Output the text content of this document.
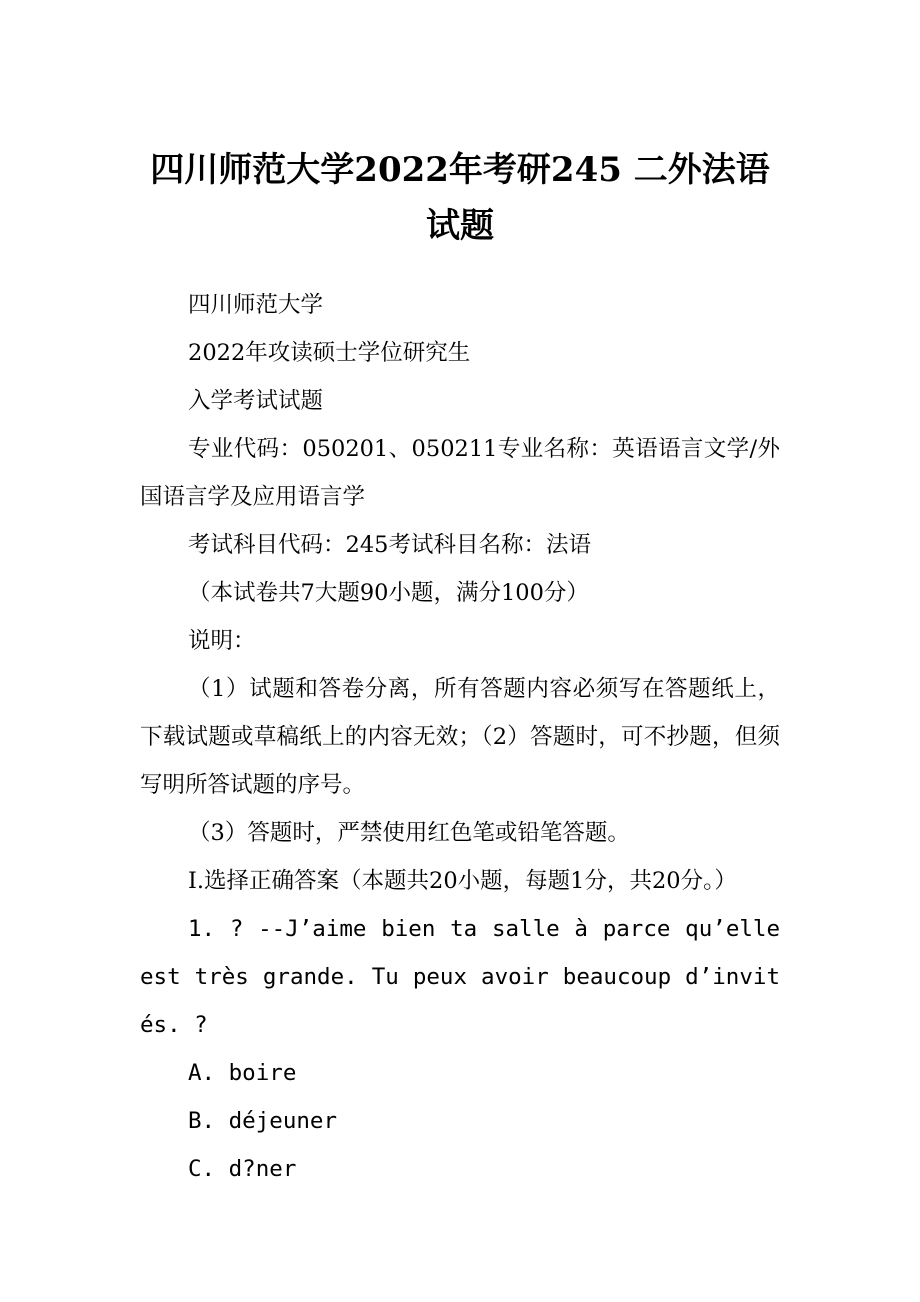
四川师范大学2022年考研245 二外法语试题

四川师范大学

2022年攻读硕士学位研究生

入学考试试题

专业代码：050201、050211专业名称：英语语言文学/外国语言学及应用语言学

考试科目代码：245考试科目名称：法语

（本试卷共7大题90小题，满分100分）

说明：

（1）试题和答卷分离，所有答题内容必须写在答题纸上，下载试题或草稿纸上的内容无效；（2）答题时，可不抄题，但须写明所答试题的序号。

（3）答题时，严禁使用红色笔或铅笔答题。

Ⅰ.选择正确答案（本题共20小题，每题1分，共20分。）

1. ? --J’aime bien ta salle à parce qu’elle est très grande. Tu peux avoir beaucoup d’invités. ?

A. boire

B. déjeuner

C. d?ner
